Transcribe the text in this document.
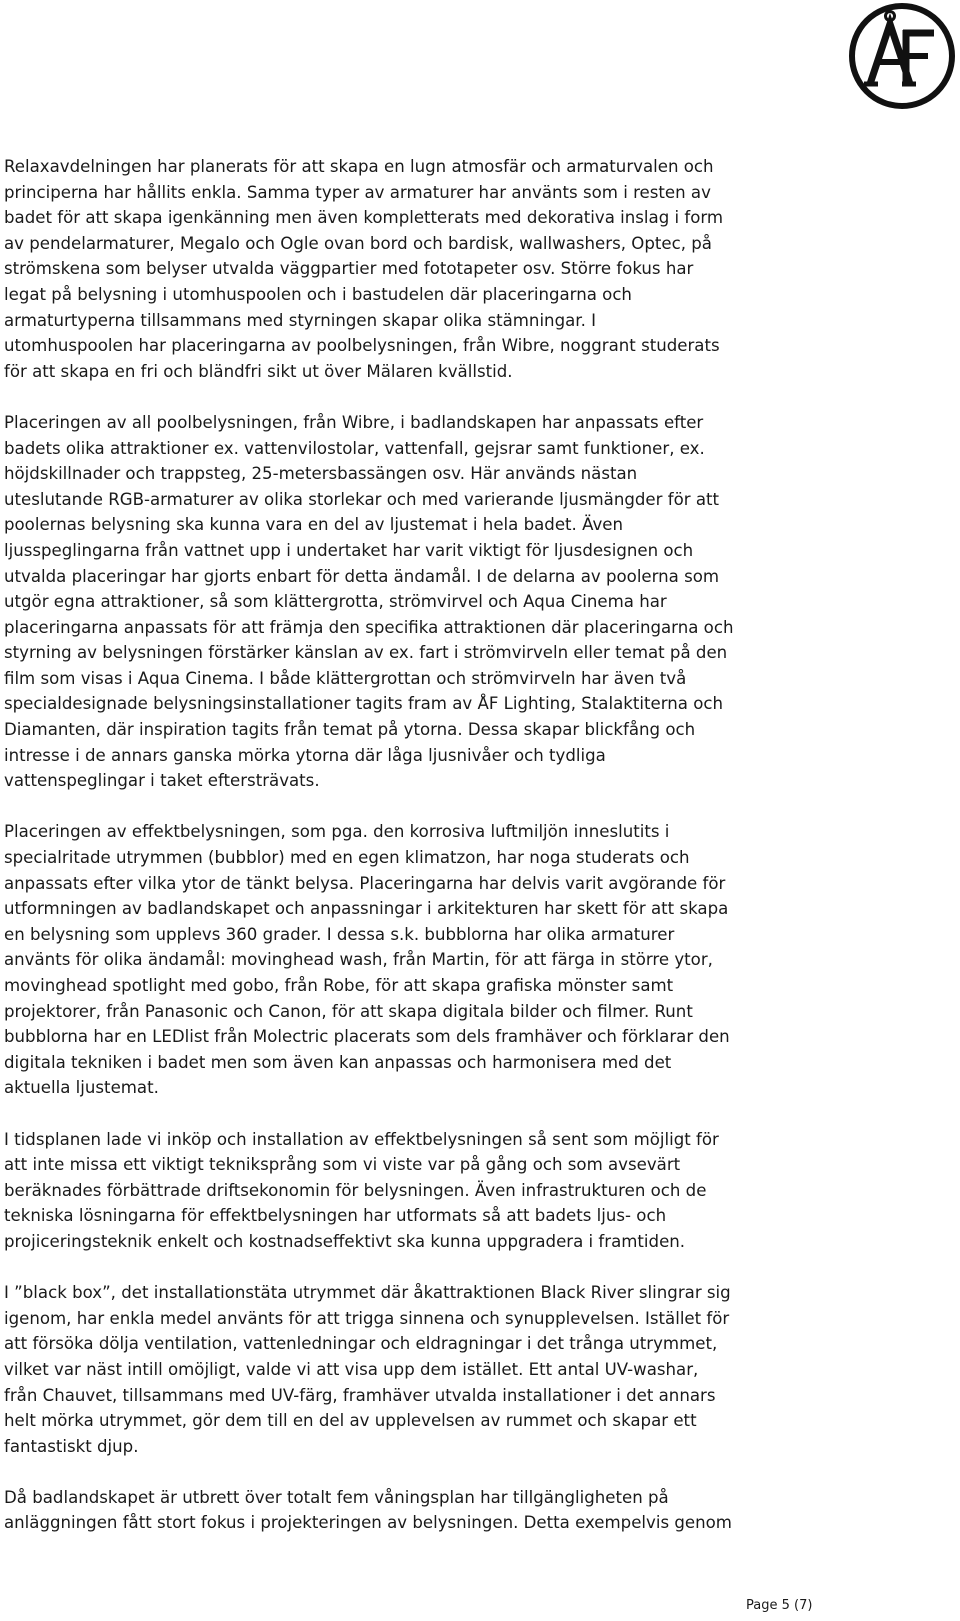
Relaxavdelningen har planerats för att skapa en lugn atmosfär och armaturvalen och
principerna har hållits enkla. Samma typer av armaturer har använts som i resten av
badet för att skapa igenkänning men även kompletterats med dekorativa inslag i form
av pendelarmaturer, Megalo och Ogle ovan bord och bardisk, wallwashers, Optec, på
strömskena som belyser utvalda väggpartier med fototapeter osv. Större fokus har
legat på belysning i utomhuspoolen och i bastudelen där placeringarna och
armaturtyperna tillsammans med styrningen skapar olika stämningar. I
utomhuspoolen har placeringarna av poolbelysningen, från Wibre, noggrant studerats
för att skapa en fri och bländfri sikt ut över Mälaren kvällstid.

Placeringen av all poolbelysningen, från Wibre, i badlandskapen har anpassats efter
badets olika attraktioner ex. vattenvilostolar, vattenfall, gejsrar samt funktioner, ex.
höjdskillnader och trappsteg, 25-metersbassängen osv. Här används nästan
uteslutande RGB-armaturer av olika storlekar och med varierande ljusmängder för att
poolernas belysning ska kunna vara en del av ljustemat i hela badet. Även
ljusspeglingarna från vattnet upp i undertaket har varit viktigt för ljusdesignen och
utvalda placeringar har gjorts enbart för detta ändamål. I de delarna av poolerna som
utgör egna attraktioner, så som klättergrotta, strömvirvel och Aqua Cinema har
placeringarna anpassats för att främja den specifika attraktionen där placeringarna och
styrning av belysningen förstärker känslan av ex. fart i strömvirveln eller temat på den
film som visas i Aqua Cinema. I både klättergrottan och strömvirveln har även två
specialdesignade belysningsinstallationer tagits fram av ÅF Lighting, Stalaktiterna och
Diamanten, där inspiration tagits från temat på ytorna. Dessa skapar blickfång och
intresse i de annars ganska mörka ytorna där låga ljusnivåer och tydliga
vattenspeglingar i taket eftersträvats.

Placeringen av effektbelysningen, som pga. den korrosiva luftmiljön inneslutits i
specialritade utrymmen (bubblor) med en egen klimatzon, har noga studerats och
anpassats efter vilka ytor de tänkt belysa. Placeringarna har delvis varit avgörande för
utformningen av badlandskapet och anpassningar i arkitekturen har skett för att skapa
en belysning som upplevs 360 grader. I dessa s.k. bubblorna har olika armaturer
använts för olika ändamål: movinghead wash, från Martin, för att färga in större ytor,
movinghead spotlight med gobo, från Robe, för att skapa grafiska mönster samt
projektorer, från Panasonic och Canon, för att skapa digitala bilder och filmer. Runt
bubblorna har en LEDlist från Molectric placerats som dels framhäver och förklarar den
digitala tekniken i badet men som även kan anpassas och harmonisera med det
aktuella ljustemat.

I tidsplanen lade vi inköp och installation av effektbelysningen så sent som möjligt för
att inte missa ett viktigt tekniksprång som vi viste var på gång och som avsevärt
beräknades förbättrade driftsekonomin för belysningen. Även infrastrukturen och de
tekniska lösningarna för effektbelysningen har utformats så att badets ljus- och
projiceringsteknik enkelt och kostnadseffektivt ska kunna uppgradera i framtiden.

I ”black box”, det installationstäta utrymmet där åkattraktionen Black River slingrar sig
igenom, har enkla medel använts för att trigga sinnena och synupplevelsen. Istället för
att försöka dölja ventilation, vattenledningar och eldragningar i det trånga utrymmet,
vilket var näst intill omöjligt, valde vi att visa upp dem istället. Ett antal UV-washar,
från Chauvet, tillsammans med UV-färg, framhäver utvalda installationer i det annars
helt mörka utrymmet, gör dem till en del av upplevelsen av rummet och skapar ett
fantastiskt djup.

Då badlandskapet är utbrett över totalt fem våningsplan har tillgängligheten på
anläggningen fått stort fokus i projekteringen av belysningen. Detta exempelvis genom

Page 5 (7)
